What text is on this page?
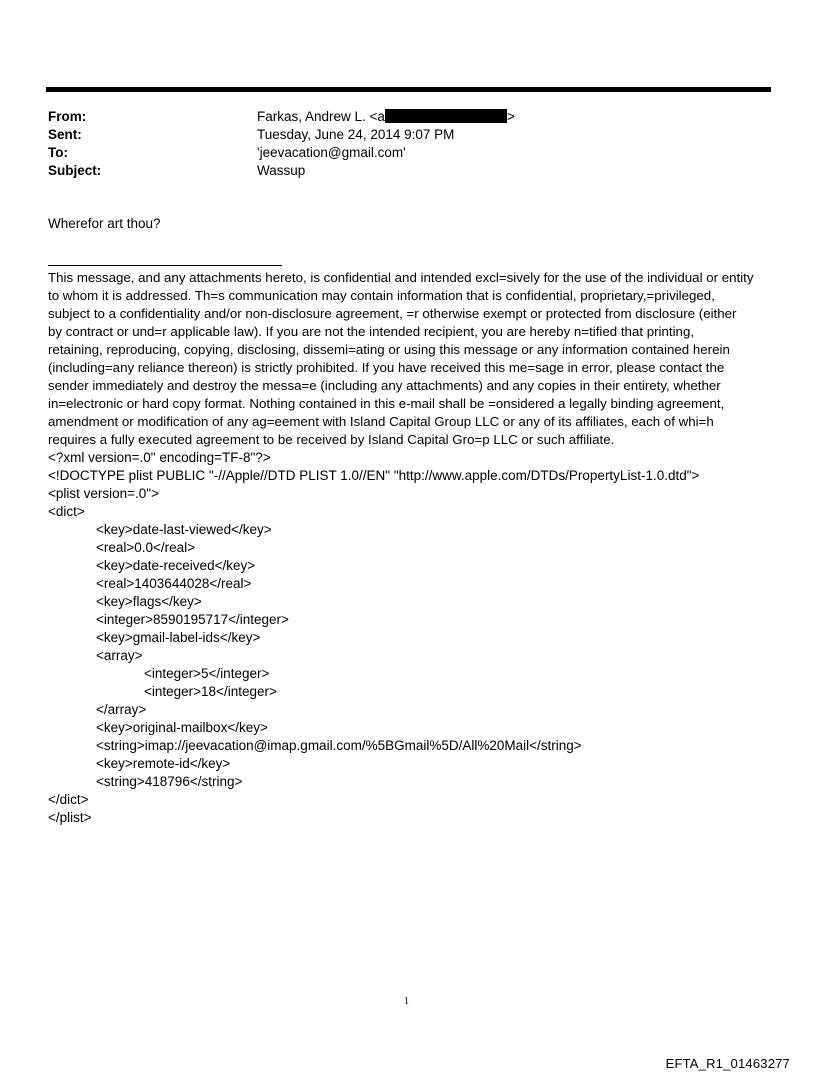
From:	Farkas, Andrew L. <a	>
Sent:	Tuesday, June 24, 2014 9:07 PM
To:	'jeevacation@gmail.com'
Subject:	Wassup
Wherefor art thou?
This message, and any attachments hereto, is confidential and intended excl=sively for the use of the individual or entity
to whom it is addressed. Th=s communication may contain information that is confidential, proprietary,=privileged,
subject to a confidentiality and/or non-disclosure agreement, =r otherwise exempt or protected from disclosure (either
by contract or und=r applicable law). If you are not the intended recipient, you are hereby n=tified that printing,
retaining, reproducing, copying, disclosing, dissemi=ating or using this message or any information contained herein
(including=any reliance thereon) is strictly prohibited. If you have received this me=sage in error, please contact the
sender immediately and destroy the messa=e (including any attachments) and any copies in their entirety, whether
in=electronic or hard copy format. Nothing contained in this e-mail shall be =onsidered a legally binding agreement,
amendment or modification of any ag=eement with Island Capital Group LLC or any of its affiliates, each of whi=h
requires a fully executed agreement to be received by Island Capital Gro=p LLC or such affiliate.
<?xml version=.0" encoding=TF-8"?>
<!DOCTYPE plist PUBLIC "-//Apple//DTD PLIST 1.0//EN" "http://www.apple.com/DTDs/PropertyList-1.0.dtd">
<plist version=.0">
<dict>
<key>date-last-viewed</key>
<real>0.0</real>
<key>date-received</key>
<real>1403644028</real>
<key>flags</key>
<integer>8590195717</integer>
<key>gmail-label-ids</key>
<array>
<integer>5</integer>
<integer>18</integer>
</array>
<key>original-mailbox</key>
<string>imap://jeevacation@imap.gmail.com/%5BGmail%5D/All%20Mail</string>
<key>remote-id</key>
<string>418796</string>
</dict>
</plist>
1
EFTA_R1_01463277
